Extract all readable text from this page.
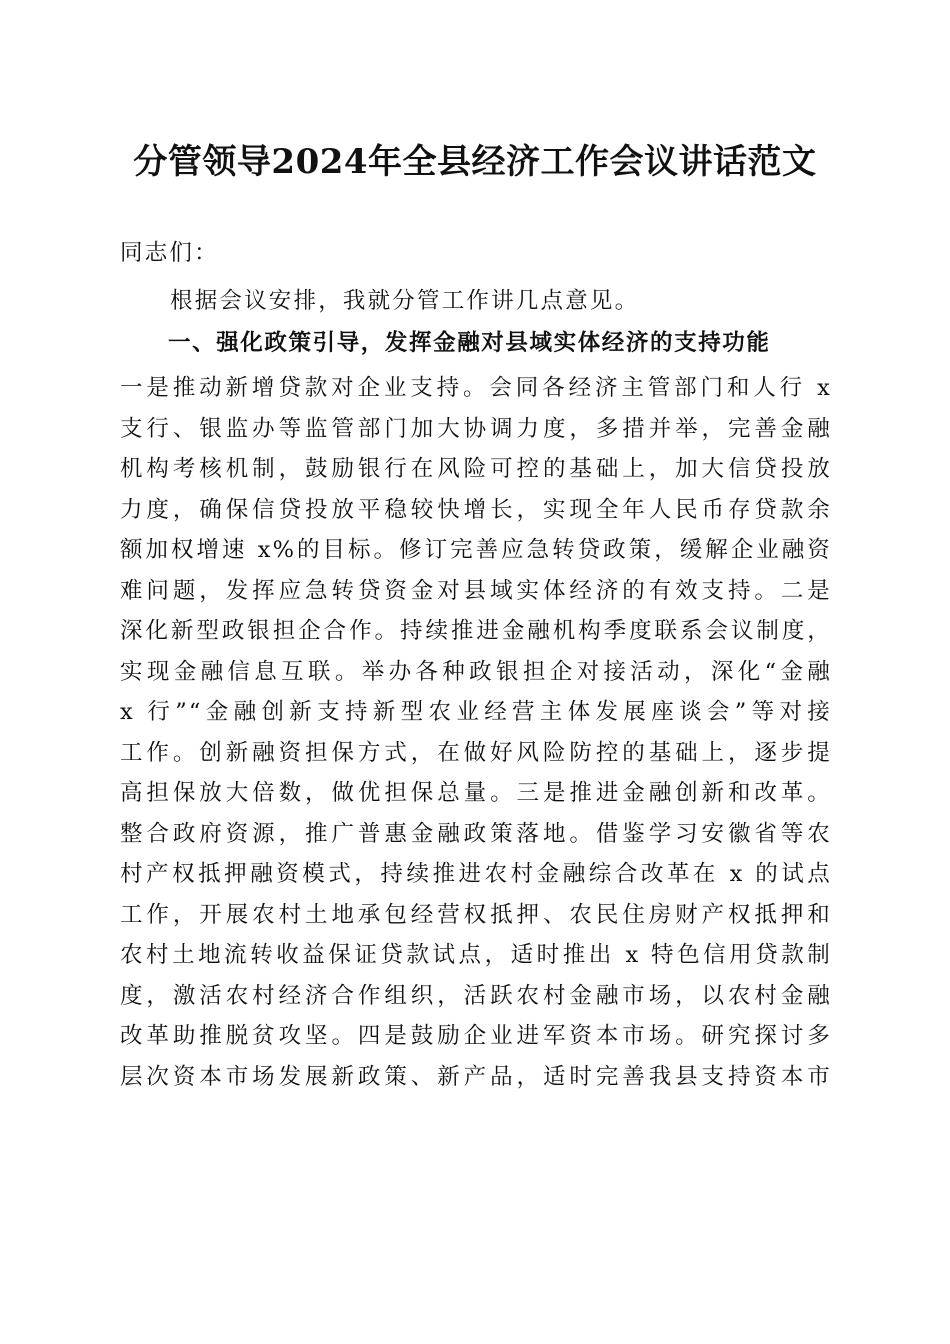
分管领导2024年全县经济工作会议讲话范文
同志们：
根据会议安排，我就分管工作讲几点意见。
一、强化政策引导，发挥金融对县域实体经济的支持功能
一是推动新增贷款对企业支持。会同各经济主管部门和人行 x
支行、银监办等监管部门加大协调力度，多措并举，完善金融
机构考核机制，鼓励银行在风险可控的基础上，加大信贷投放
力度，确保信贷投放平稳较快增长，实现全年人民币存贷款余
额加权增速 x%的目标。修订完善应急转贷政策，缓解企业融资
难问题，发挥应急转贷资金对县域实体经济的有效支持。二是
深化新型政银担企合作。持续推进金融机构季度联系会议制度，
实现金融信息互联。举办各种政银担企对接活动，深化“金融
x 行”“金融创新支持新型农业经营主体发展座谈会”等对接
工作。创新融资担保方式，在做好风险防控的基础上，逐步提
高担保放大倍数，做优担保总量。三是推进金融创新和改革。
整合政府资源，推广普惠金融政策落地。借鉴学习安徽省等农
村产权抵押融资模式，持续推进农村金融综合改革在 x 的试点
工作，开展农村土地承包经营权抵押、农民住房财产权抵押和
农村土地流转收益保证贷款试点，适时推出 x 特色信用贷款制
度，激活农村经济合作组织，活跃农村金融市场，以农村金融
改革助推脱贫攻坚。四是鼓励企业进军资本市场。研究探讨多
层次资本市场发展新政策、新产品，适时完善我县支持资本市
